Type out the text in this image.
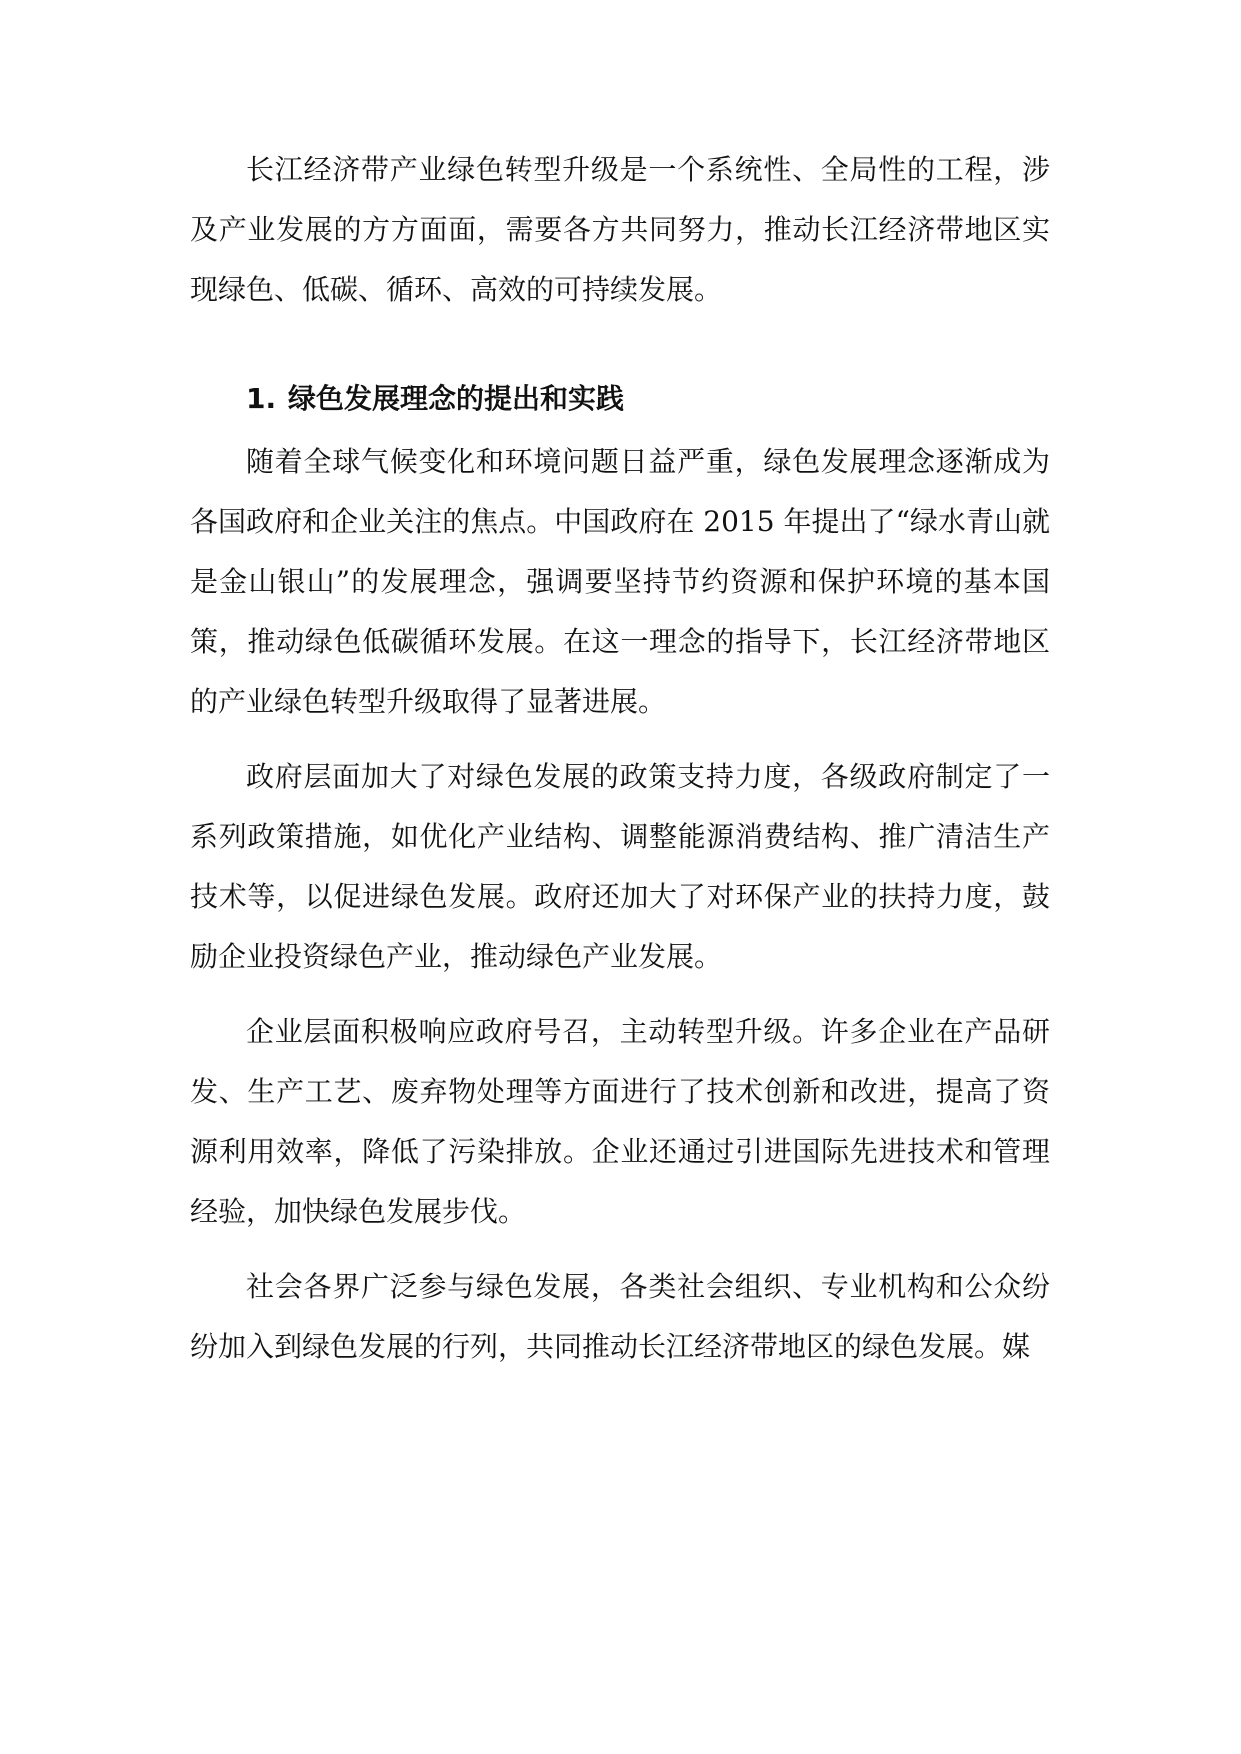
长江经济带产业绿色转型升级是一个系统性、全局性的工程，涉及产业发展的方方面面，需要各方共同努力，推动长江经济带地区实现绿色、低碳、循环、高效的可持续发展。

1. 绿色发展理念的提出和实践

随着全球气候变化和环境问题日益严重，绿色发展理念逐渐成为各国政府和企业关注的焦点。中国政府在 2015 年提出了“绿水青山就是金山银山”的发展理念，强调要坚持节约资源和保护环境的基本国策，推动绿色低碳循环发展。在这一理念的指导下，长江经济带地区的产业绿色转型升级取得了显著进展。

政府层面加大了对绿色发展的政策支持力度，各级政府制定了一系列政策措施，如优化产业结构、调整能源消费结构、推广清洁生产技术等，以促进绿色发展。政府还加大了对环保产业的扶持力度，鼓励企业投资绿色产业，推动绿色产业发展。

企业层面积极响应政府号召，主动转型升级。许多企业在产品研发、生产工艺、废弃物处理等方面进行了技术创新和改进，提高了资源利用效率，降低了污染排放。企业还通过引进国际先进技术和管理经验，加快绿色发展步伐。

社会各界广泛参与绿色发展，各类社会组织、专业机构和公众纷纷加入到绿色发展的行列，共同推动长江经济带地区的绿色发展。媒
